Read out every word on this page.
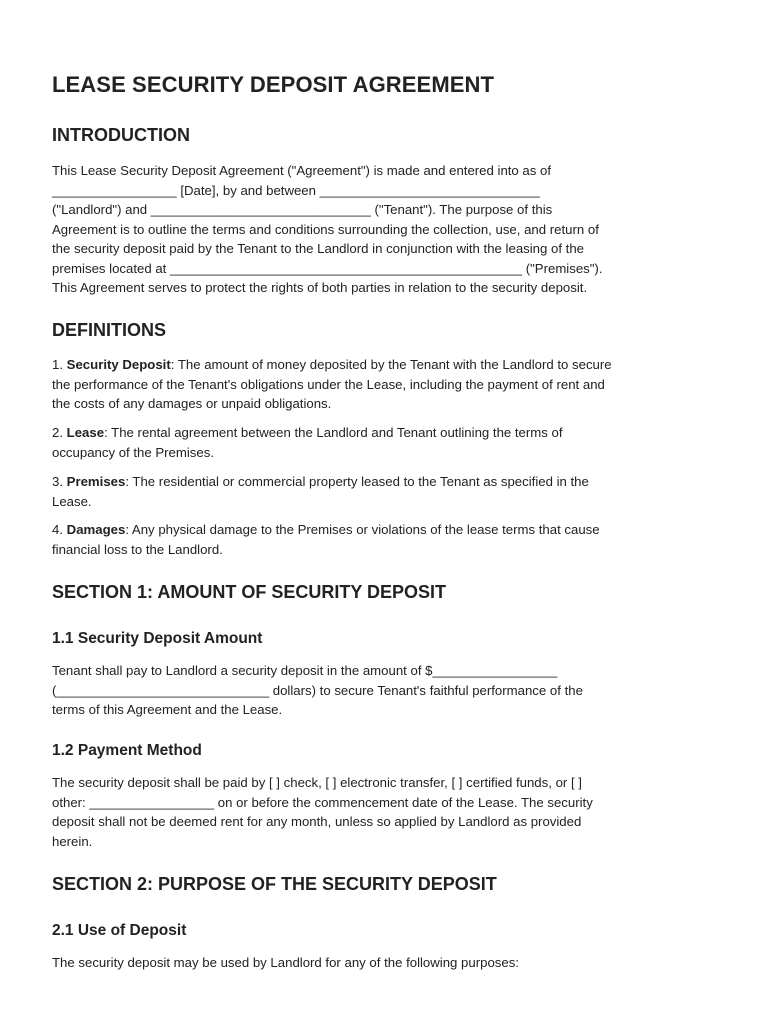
LEASE SECURITY DEPOSIT AGREEMENT
INTRODUCTION
This Lease Security Deposit Agreement ("Agreement") is made and entered into as of
_________________ [Date], by and between ______________________________
("Landlord") and ______________________________ ("Tenant"). The purpose of this
Agreement is to outline the terms and conditions surrounding the collection, use, and return of
the security deposit paid by the Tenant to the Landlord in conjunction with the leasing of the
premises located at ________________________________________________ ("Premises").
This Agreement serves to protect the rights of both parties in relation to the security deposit.
DEFINITIONS
1. Security Deposit: The amount of money deposited by the Tenant with the Landlord to secure
the performance of the Tenant's obligations under the Lease, including the payment of rent and
the costs of any damages or unpaid obligations.
2. Lease: The rental agreement between the Landlord and Tenant outlining the terms of
occupancy of the Premises.
3. Premises: The residential or commercial property leased to the Tenant as specified in the
Lease.
4. Damages: Any physical damage to the Premises or violations of the lease terms that cause
financial loss to the Landlord.
SECTION 1: AMOUNT OF SECURITY DEPOSIT
1.1 Security Deposit Amount
Tenant shall pay to Landlord a security deposit in the amount of $_________________
(_____________________________ dollars) to secure Tenant's faithful performance of the
terms of this Agreement and the Lease.
1.2 Payment Method
The security deposit shall be paid by [ ] check, [ ] electronic transfer, [ ] certified funds, or [ ]
other: _________________ on or before the commencement date of the Lease. The security
deposit shall not be deemed rent for any month, unless so applied by Landlord as provided
herein.
SECTION 2: PURPOSE OF THE SECURITY DEPOSIT
2.1 Use of Deposit
The security deposit may be used by Landlord for any of the following purposes:
